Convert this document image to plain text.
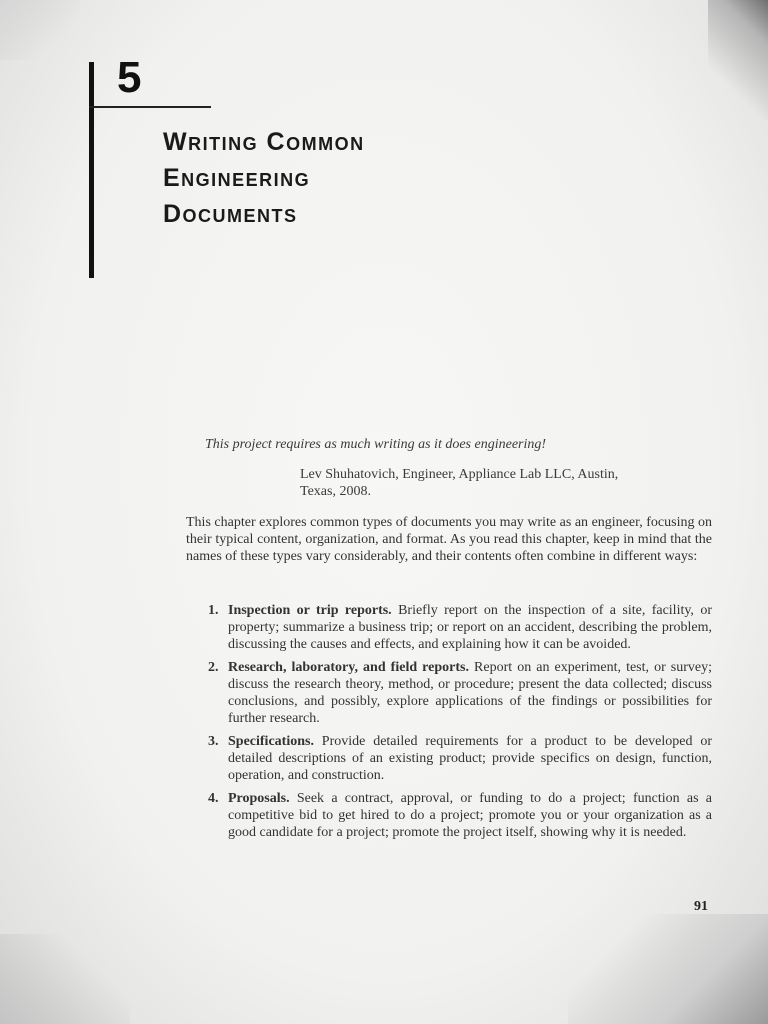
5
Writing Common
Engineering
Documents
This project requires as much writing as it does engineering!
Lev Shuhatovich, Engineer, Appliance Lab LLC, Austin,
Texas, 2008.

This chapter explores common types of documents you may write as an engineer, focusing on their typical content, organization, and format. As you read this chapter, keep in mind that the names of these types vary considerably, and their contents often combine in different ways:

1. Inspection or trip reports. Briefly report on the inspection of a site, facility, or property; summarize a business trip; or report on an accident, describing the problem, discussing the causes and effects, and explaining how it can be avoided.
2. Research, laboratory, and field reports. Report on an experiment, test, or survey; discuss the research theory, method, or procedure; present the data collected; discuss conclusions, and possibly, explore applications of the findings or possibilities for further research.
3. Specifications. Provide detailed requirements for a product to be developed or detailed descriptions of an existing product; provide specifics on design, function, operation, and construction.
4. Proposals. Seek a contract, approval, or funding to do a project; function as a competitive bid to get hired to do a project; promote you or your organization as a good candidate for a project; promote the project itself, showing why it is needed.
91
